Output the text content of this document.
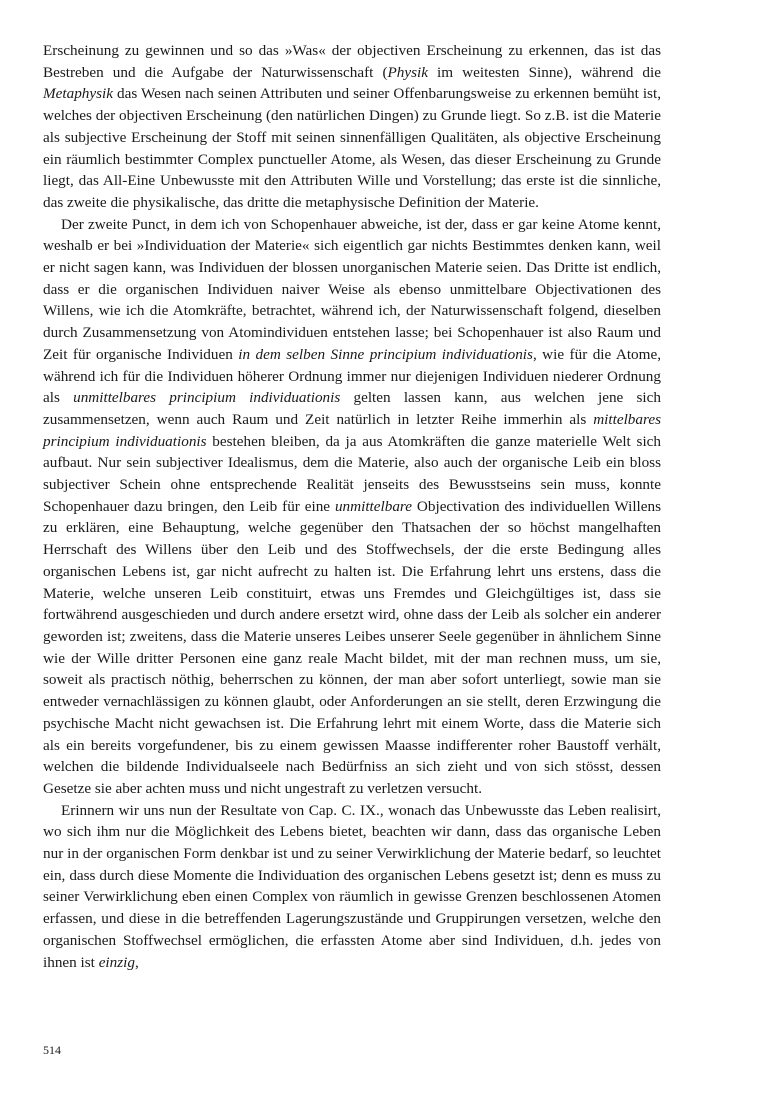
Erscheinung zu gewinnen und so das »Was« der objectiven Erscheinung zu erkennen, das ist das Bestreben und die Aufgabe der Naturwissenschaft (Physik im weitesten Sinne), während die Metaphysik das Wesen nach seinen Attributen und seiner Offenbarungsweise zu erkennen bemüht ist, welches der objectiven Erscheinung (den natürlichen Dingen) zu Grunde liegt. So z.B. ist die Materie als subjective Erscheinung der Stoff mit seinen sinnenfälligen Qualitäten, als objective Erscheinung ein räumlich bestimmter Complex punctueller Atome, als Wesen, das dieser Erscheinung zu Grunde liegt, das All-Eine Unbewusste mit den Attributen Wille und Vorstellung; das erste ist die sinnliche, das zweite die physikalische, das dritte die metaphysische Definition der Materie.

Der zweite Punct, in dem ich von Schopenhauer abweiche, ist der, dass er gar keine Atome kennt, weshalb er bei »Individuation der Materie« sich eigentlich gar nichts Bestimmtes denken kann, weil er nicht sagen kann, was Individuen der blossen unorganischen Materie seien. Das Dritte ist endlich, dass er die organischen Individuen naiver Weise als ebenso unmittelbare Objectivationen des Willens, wie ich die Atomkräfte, betrachtet, während ich, der Naturwissenschaft folgend, dieselben durch Zusammensetzung von Atomindividuen entstehen lasse; bei Schopenhauer ist also Raum und Zeit für organische Individuen in dem selben Sinne principium individuationis, wie für die Atome, während ich für die Individuen höherer Ordnung immer nur diejenigen Individuen niederer Ordnung als unmittelbares principium individuationis gelten lassen kann, aus welchen jene sich zusammensetzen, wenn auch Raum und Zeit natürlich in letzter Reihe immerhin als mittelbares principium individuationis bestehen bleiben, da ja aus Atomkräften die ganze materielle Welt sich aufbaut. Nur sein subjectiver Idealismus, dem die Materie, also auch der organische Leib ein bloss subjectiver Schein ohne entsprechende Realität jenseits des Bewusstseins sein muss, konnte Schopenhauer dazu bringen, den Leib für eine unmittelbare Objectivation des individuellen Willens zu erklären, eine Behauptung, welche gegenüber den Thatsachen der so höchst mangelhaften Herrschaft des Willens über den Leib und des Stoffwechsels, der die erste Bedingung alles organischen Lebens ist, gar nicht aufrecht zu halten ist. Die Erfahrung lehrt uns erstens, dass die Materie, welche unseren Leib constituirt, etwas uns Fremdes und Gleichgültiges ist, dass sie fortwährend ausgeschieden und durch andere ersetzt wird, ohne dass der Leib als solcher ein anderer geworden ist; zweitens, dass die Materie unseres Leibes unserer Seele gegenüber in ähnlichem Sinne wie der Wille dritter Personen eine ganz reale Macht bildet, mit der man rechnen muss, um sie, soweit als practisch nöthig, beherrschen zu können, der man aber sofort unterliegt, sowie man sie entweder vernachlässigen zu können glaubt, oder Anforderungen an sie stellt, deren Erzwingung die psychische Macht nicht gewachsen ist. Die Erfahrung lehrt mit einem Worte, dass die Materie sich als ein bereits vorgefundener, bis zu einem gewissen Maasse indifferenter roher Baustoff verhält, welchen die bildende Individualseele nach Bedürfniss an sich zieht und von sich stösst, dessen Gesetze sie aber achten muss und nicht ungestraft zu verletzen versucht.

Erinnern wir uns nun der Resultate von Cap. C. IX., wonach das Unbewusste das Leben realisirt, wo sich ihm nur die Möglichkeit des Lebens bietet, beachten wir dann, dass das organische Leben nur in der organischen Form denkbar ist und zu seiner Verwirklichung der Materie bedarf, so leuchtet ein, dass durch diese Momente die Individuation des organischen Lebens gesetzt ist; denn es muss zu seiner Verwirklichung eben einen Complex von räumlich in gewisse Grenzen beschlossenen Atomen erfassen, und diese in die betreffenden Lagerungszustände und Gruppirungen versetzen, welche den organischen Stoffwechsel ermöglichen, die erfassten Atome aber sind Individuen, d.h. jedes von ihnen ist einzig,

514
